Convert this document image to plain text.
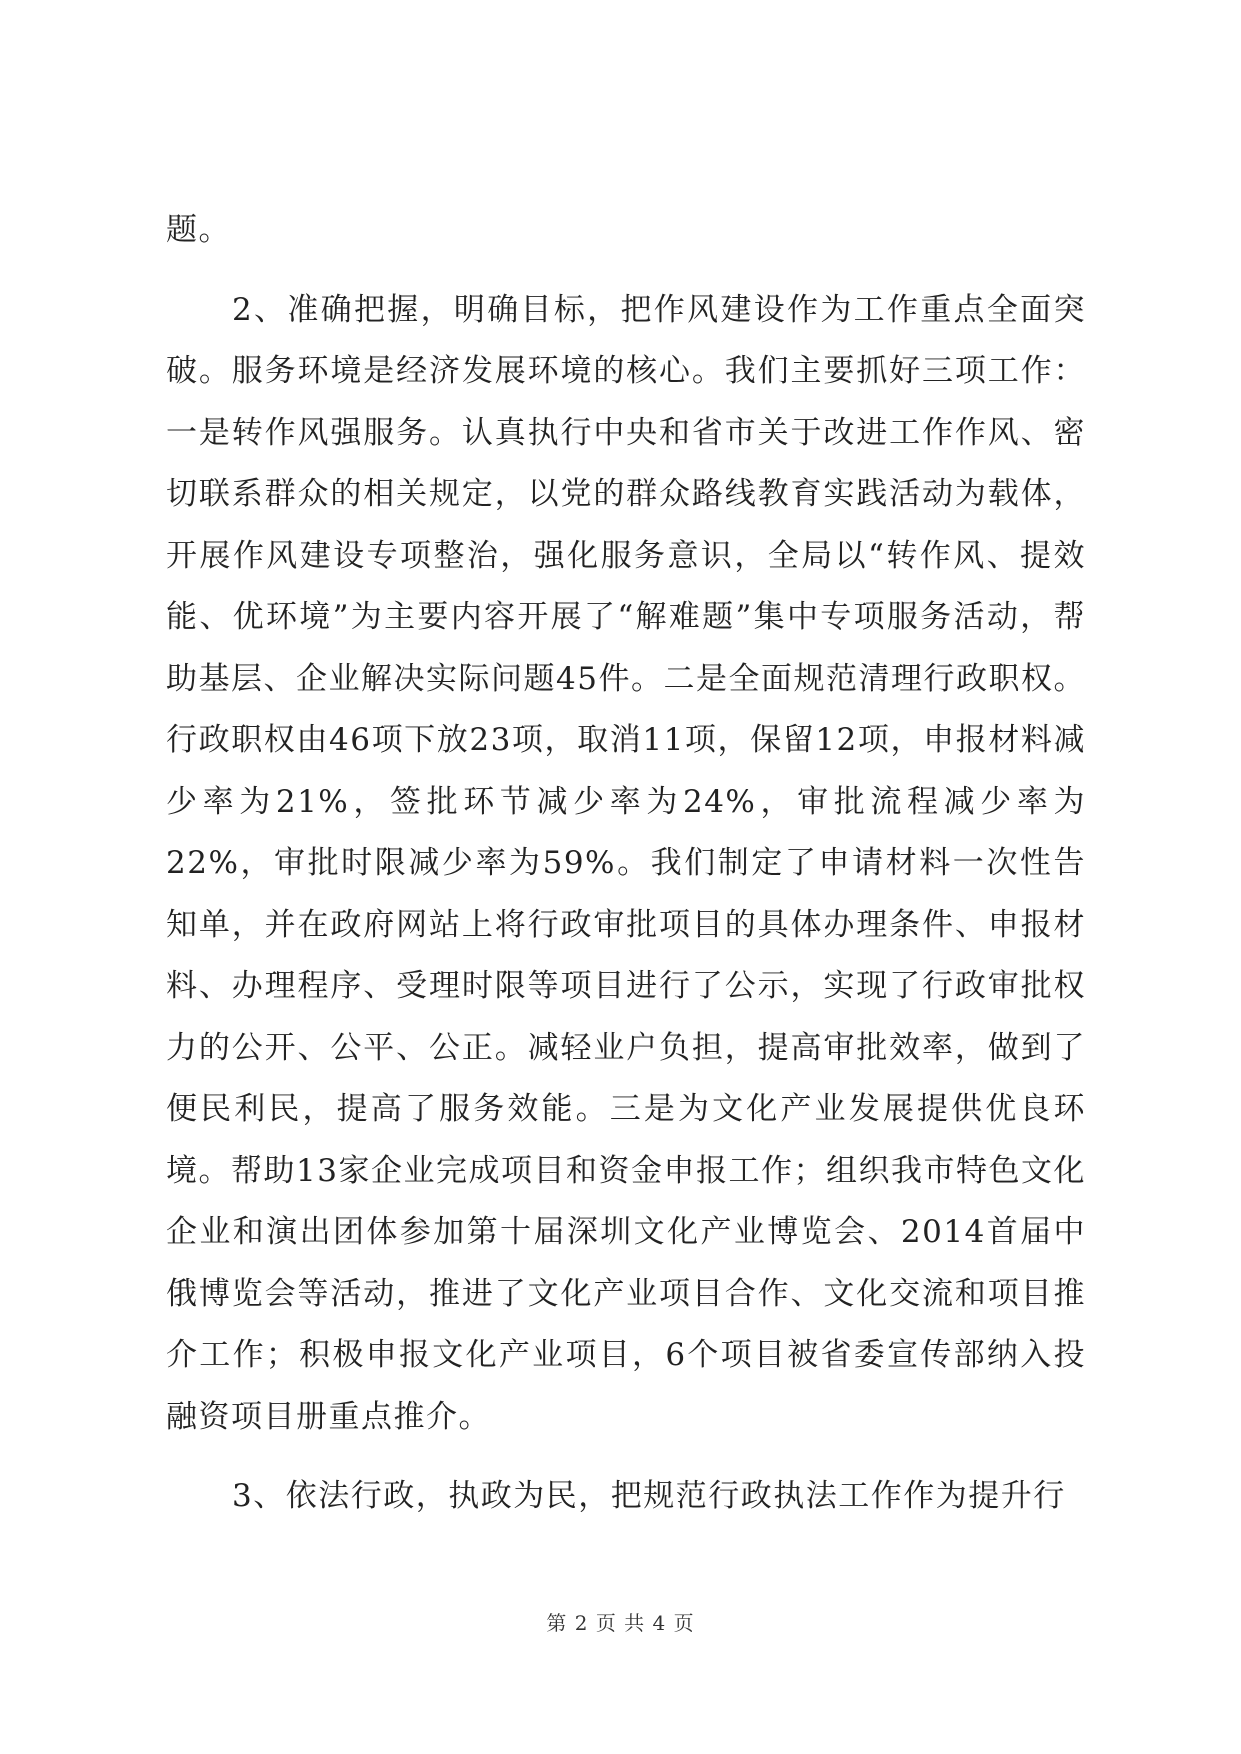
题。

2、准确把握，明确目标，把作风建设作为工作重点全面突破。服务环境是经济发展环境的核心。我们主要抓好三项工作：一是转作风强服务。认真执行中央和省市关于改进工作作风、密切联系群众的相关规定，以党的群众路线教育实践活动为载体，开展作风建设专项整治，强化服务意识，全局以“转作风、提效能、优环境”为主要内容开展了“解难题”集中专项服务活动，帮助基层、企业解决实际问题45件。二是全面规范清理行政职权。行政职权由46项下放23项，取消11项，保留12项，申报材料减少率为21%，签批环节减少率为24%，审批流程减少率为22%，审批时限减少率为59%。我们制定了申请材料一次性告知单，并在政府网站上将行政审批项目的具体办理条件、申报材料、办理程序、受理时限等项目进行了公示，实现了行政审批权力的公开、公平、公正。减轻业户负担，提高审批效率，做到了便民利民，提高了服务效能。三是为文化产业发展提供优良环境。帮助13家企业完成项目和资金申报工作；组织我市特色文化企业和演出团体参加第十届深圳文化产业博览会、2014首届中俄博览会等活动，推进了文化产业项目合作、文化交流和项目推介工作；积极申报文化产业项目，6个项目被省委宣传部纳入投融资项目册重点推介。

3、依法行政，执政为民，把规范行政执法工作作为提升行

第 2 页 共 4 页
